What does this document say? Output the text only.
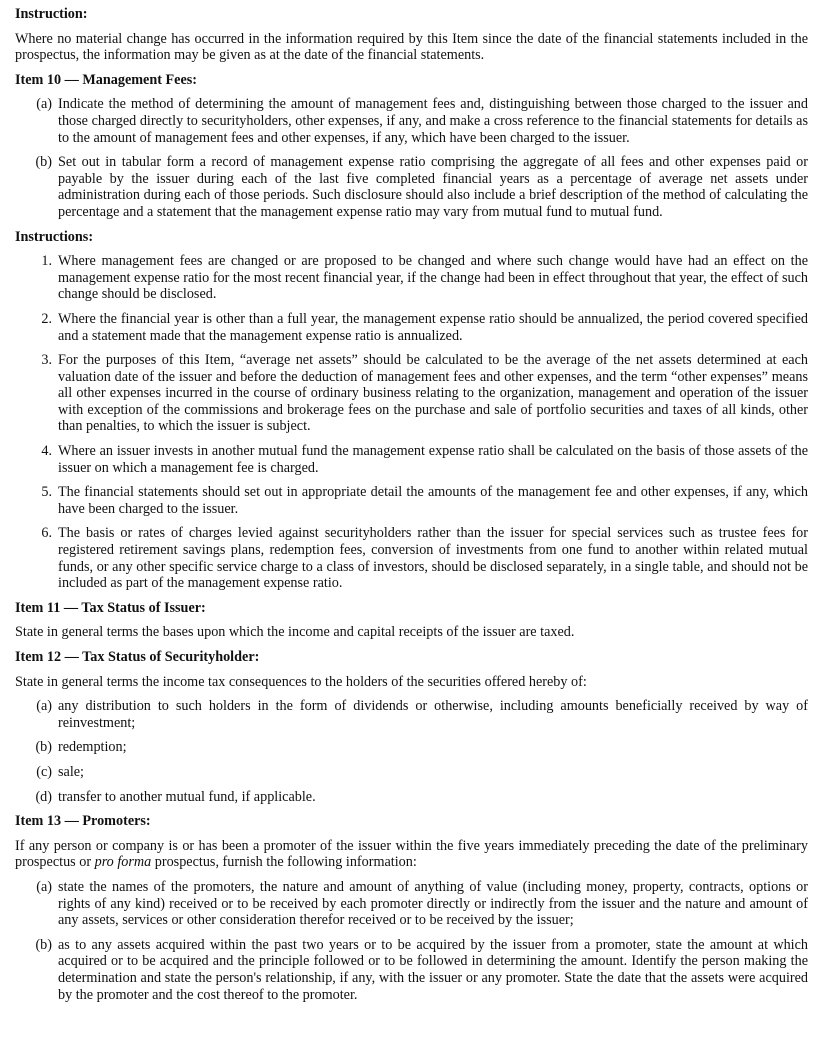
Instruction:

Where no material change has occurred in the information required by this Item since the date of the financial statements included in the prospectus, the information may be given as at the date of the financial statements.

Item 10 — Management Fees:
(a) Indicate the method of determining the amount of management fees and, distinguishing between those charged to the issuer and those charged directly to securityholders, other expenses, if any, and make a cross reference to the financial statements for details as to the amount of management fees and other expenses, if any, which have been charged to the issuer.
(b) Set out in tabular form a record of management expense ratio comprising the aggregate of all fees and other expenses paid or payable by the issuer during each of the last five completed financial years as a percentage of average net assets under administration during each of those periods. Such disclosure should also include a brief description of the method of calculating the percentage and a statement that the management expense ratio may vary from mutual fund to mutual fund.
Instructions:
1. Where management fees are changed or are proposed to be changed and where such change would have had an effect on the management expense ratio for the most recent financial year, if the change had been in effect throughout that year, the effect of such change should be disclosed.
2. Where the financial year is other than a full year, the management expense ratio should be annualized, the period covered specified and a statement made that the management expense ratio is annualized.
3. For the purposes of this Item, “average net assets” should be calculated to be the average of the net assets determined at each valuation date of the issuer and before the deduction of management fees and other expenses, and the term “other expenses” means all other expenses incurred in the course of ordinary business relating to the organization, management and operation of the issuer with exception of the commissions and brokerage fees on the purchase and sale of portfolio securities and taxes of all kinds, other than penalties, to which the issuer is subject.
4. Where an issuer invests in another mutual fund the management expense ratio shall be calculated on the basis of those assets of the issuer on which a management fee is charged.
5. The financial statements should set out in appropriate detail the amounts of the management fee and other expenses, if any, which have been charged to the issuer.
6. The basis or rates of charges levied against securityholders rather than the issuer for special services such as trustee fees for registered retirement savings plans, redemption fees, conversion of investments from one fund to another within related mutual funds, or any other specific service charge to a class of investors, should be disclosed separately, in a single table, and should not be included as part of the management expense ratio.
Item 11 — Tax Status of Issuer:

State in general terms the bases upon which the income and capital receipts of the issuer are taxed.

Item 12 — Tax Status of Securityholder:

State in general terms the income tax consequences to the holders of the securities offered hereby of:

(a) any distribution to such holders in the form of dividends or otherwise, including amounts beneficially received by way of reinvestment;
(b) redemption;
(c) sale;
(d) transfer to another mutual fund, if applicable.
Item 13 — Promoters:

If any person or company is or has been a promoter of the issuer within the five years immediately preceding the date of the preliminary prospectus or pro forma prospectus, furnish the following information:

(a) state the names of the promoters, the nature and amount of anything of value (including money, property, contracts, options or rights of any kind) received or to be received by each promoter directly or indirectly from the issuer and the nature and amount of any assets, services or other consideration therefor received or to be received by the issuer;
(b) as to any assets acquired within the past two years or to be acquired by the issuer from a promoter, state the amount at which acquired or to be acquired and the principle followed or to be followed in determining the amount. Identify the person making the determination and state the person's relationship, if any, with the issuer or any promoter. State the date that the assets were acquired by the promoter and the cost thereof to the promoter.
